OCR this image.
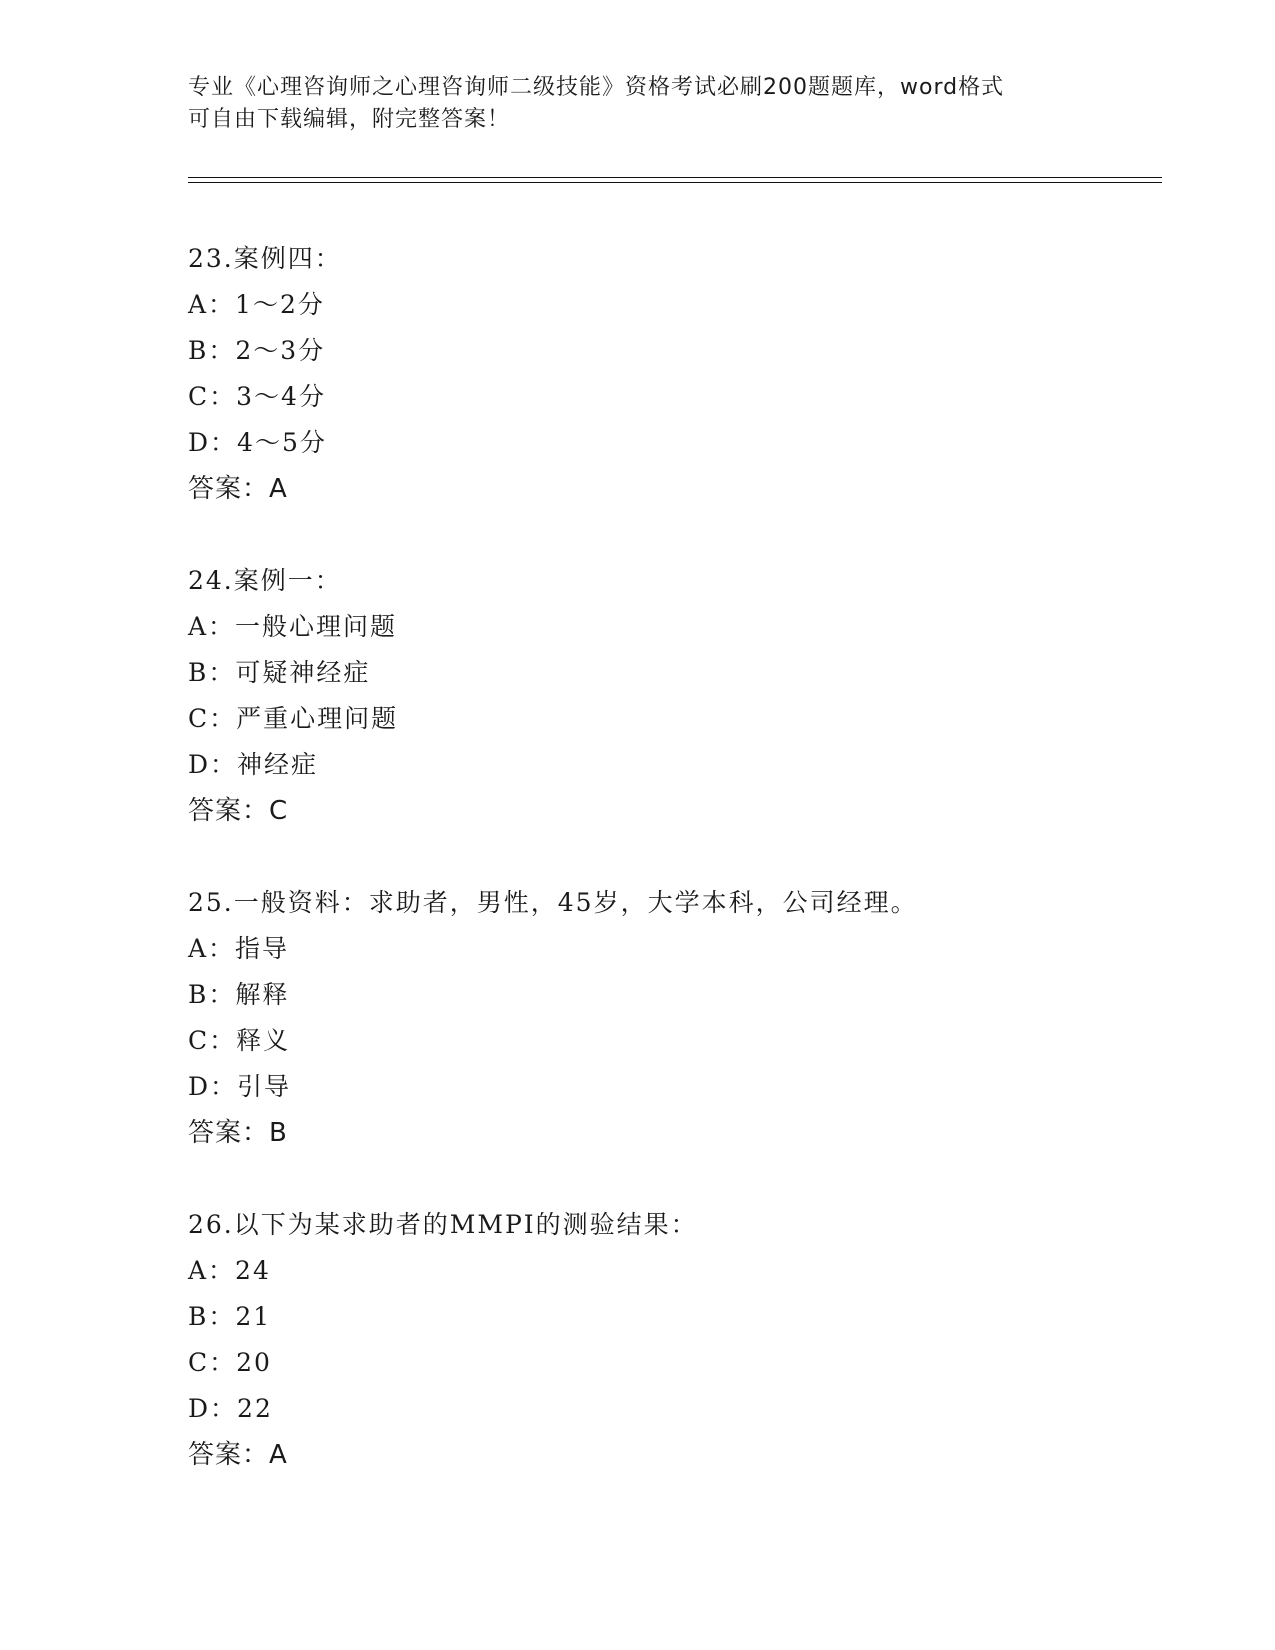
专业《心理咨询师之心理咨询师二级技能》资格考试必刷200题题库，word格式
可自由下载编辑，附完整答案！
23.案例四：
A：1～2分
B：2～3分
C：3～4分
D：4～5分
答案：A
24.案例一：
A：一般心理问题
B：可疑神经症
C：严重心理问题
D：神经症
答案：C
25.一般资料：求助者，男性，45岁，大学本科，公司经理。
A：指导
B：解释
C：释义
D：引导
答案：B
26.以下为某求助者的MMPI的测验结果：
A：24
B：21
C：20
D：22
答案：A
